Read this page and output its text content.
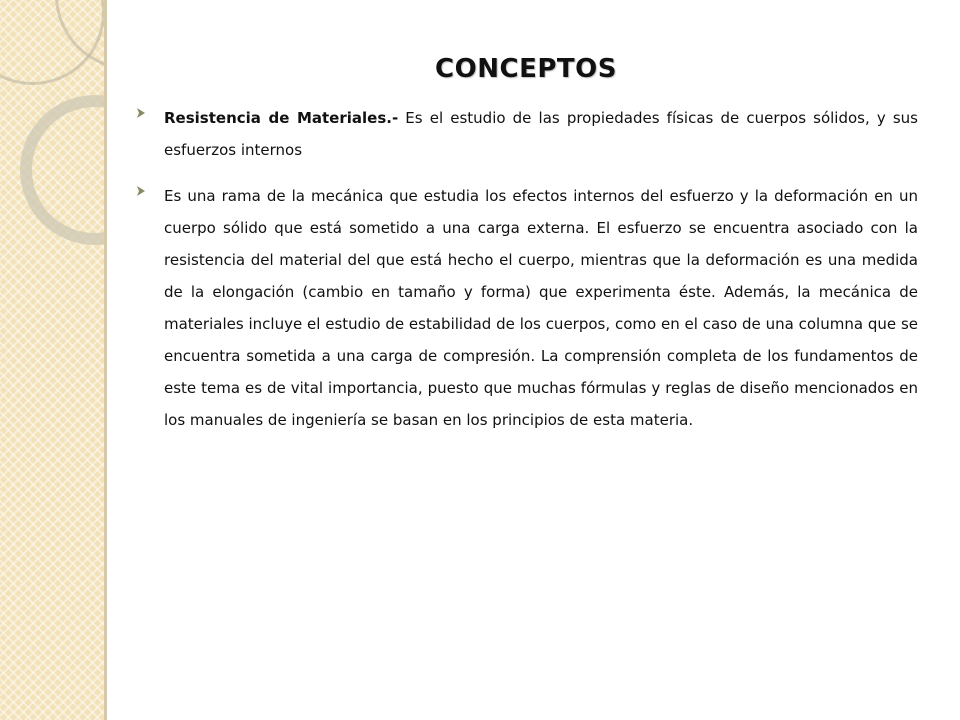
CONCEPTOS
Resistencia de Materiales.- Es el estudio de las propiedades físicas de cuerpos sólidos, y sus esfuerzos internos
Es una rama de la mecánica que estudia los efectos internos del esfuerzo y la deformación en un cuerpo sólido que está sometido a una carga externa. El esfuerzo se encuentra asociado con la resistencia del material del que está hecho el cuerpo, mientras que la deformación es una medida de la elongación (cambio en tamaño y forma) que experimenta éste. Además, la mecánica de materiales incluye el estudio de estabilidad de los cuerpos, como en el caso de una columna que se encuentra sometida a una carga de compresión. La comprensión completa de los fundamentos de este tema es de vital importancia, puesto que muchas fórmulas y reglas de diseño mencionados en los manuales de ingeniería se basan en los principios de esta materia.
